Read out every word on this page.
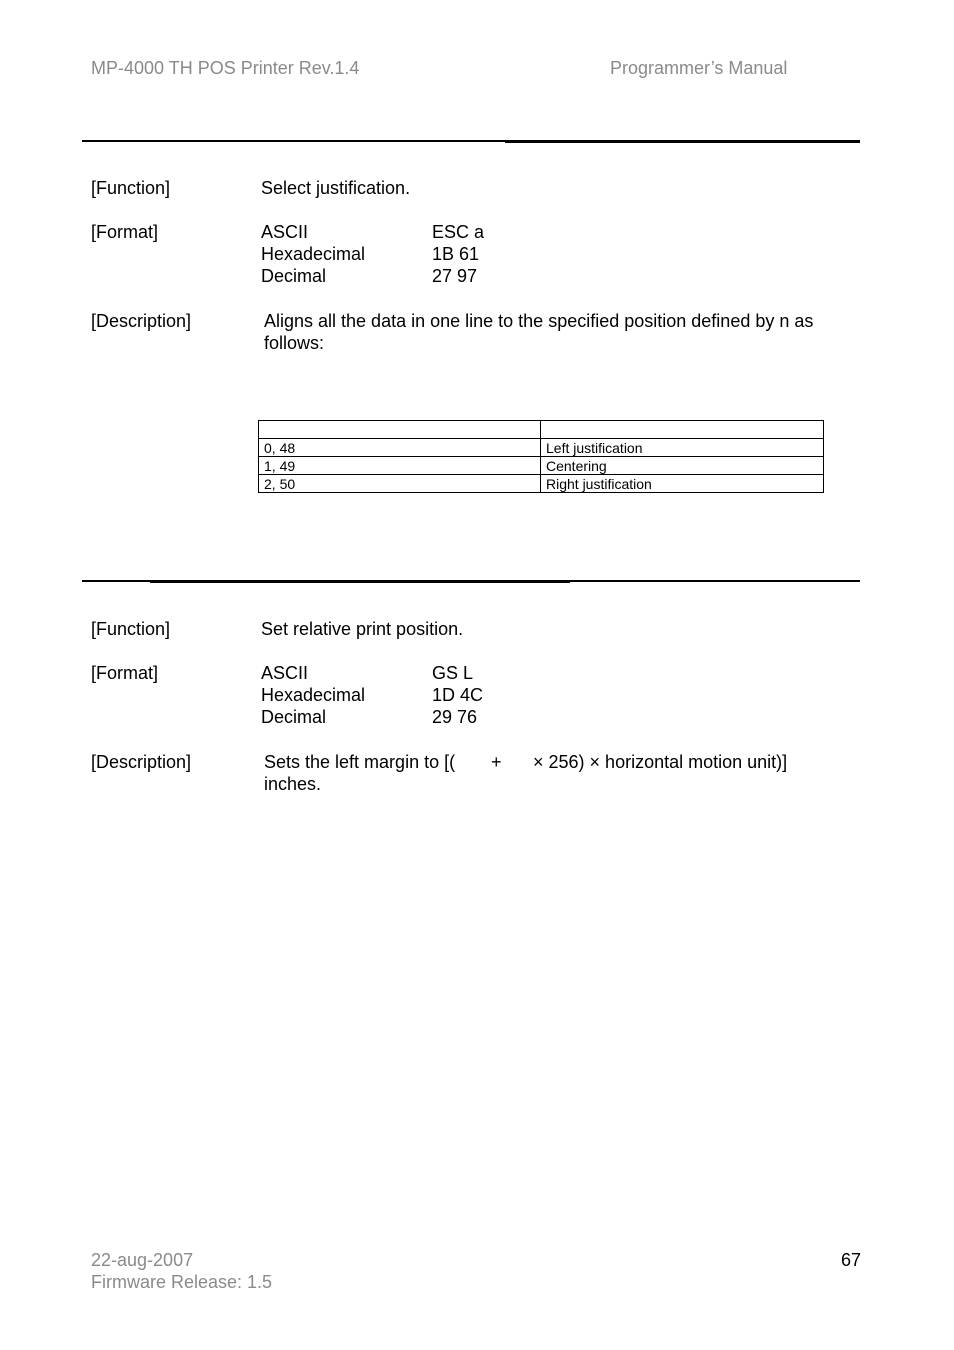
MP-4000 TH POS Printer Rev.1.4	Programmer’s Manual
[Function]	Select justification.
[Format]	ASCII	ESC a
Hexadecimal	1B 61
Decimal	27 97
[Description]	Aligns all the data in one line to the specified position defined by n as
follows:

0, 48	Left justification
1, 49	Centering
2, 50	Right justification
[Function]	Set relative print position.
[Format]	ASCII	GS L
Hexadecimal	1D 4C
Decimal	29 76
[Description]	Sets the left margin to [( + × 256) × horizontal motion unit)]
inches.
22-aug-2007
Firmware Release: 1.5
67
